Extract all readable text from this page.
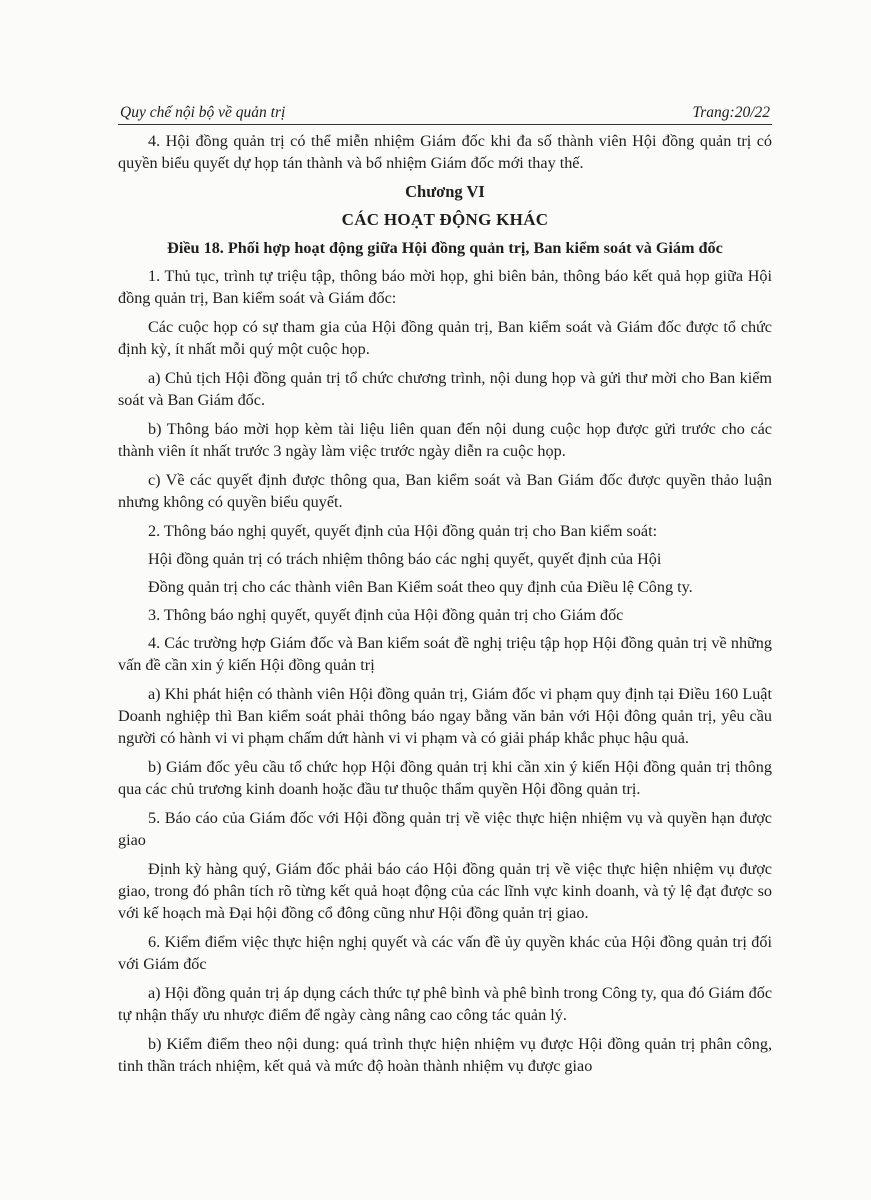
Quy chế nội bộ về quản trị	Trang:20/22

4. Hội đồng quản trị có thể miễn nhiệm Giám đốc khi đa số thành viên Hội đồng quản trị có quyền biểu quyết dự họp tán thành và bổ nhiệm Giám đốc mới thay thế.

Chương VI
CÁC HOẠT ĐỘNG KHÁC
Điều 18. Phối hợp hoạt động giữa Hội đồng quản trị, Ban kiểm soát và Giám đốc

1. Thủ tục, trình tự triệu tập, thông báo mời họp, ghi biên bản, thông báo kết quả họp giữa Hội đồng quản trị, Ban kiểm soát và Giám đốc:

Các cuộc họp có sự tham gia của Hội đồng quản trị, Ban kiểm soát và Giám đốc được tổ chức định kỳ, ít nhất mỗi quý một cuộc họp.

a) Chủ tịch Hội đồng quản trị tổ chức chương trình, nội dung họp và gửi thư mời cho Ban kiểm soát và Ban Giám đốc.

b) Thông báo mời họp kèm tài liệu liên quan đến nội dung cuộc họp được gửi trước cho các thành viên ít nhất trước 3 ngày làm việc trước ngày diễn ra cuộc họp.

c) Về các quyết định được thông qua, Ban kiểm soát và Ban Giám đốc được quyền thảo luận nhưng không có quyền biểu quyết.

2. Thông báo nghị quyết, quyết định của Hội đồng quản trị cho Ban kiểm soát:

Hội đồng quản trị có trách nhiệm thông báo các nghị quyết, quyết định của Hội

Đồng quản trị cho các thành viên Ban Kiểm soát theo quy định của Điều lệ Công ty.

3. Thông báo nghị quyết, quyết định của Hội đồng quản trị cho Giám đốc

4. Các trường hợp Giám đốc và Ban kiểm soát đề nghị triệu tập họp Hội đồng quản trị về những vấn đề cần xin ý kiến Hội đồng quản trị

a) Khi phát hiện có thành viên Hội đồng quản trị, Giám đốc vi phạm quy định tại Điều 160 Luật Doanh nghiệp thì Ban kiểm soát phải thông báo ngay bằng văn bản với Hội đông quản trị, yêu cầu người có hành vi vi phạm chấm dứt hành vi vi phạm và có giải pháp khắc phục hậu quả.

b) Giám đốc yêu cầu tổ chức họp Hội đồng quản trị khi cần xin ý kiến Hội đồng quản trị thông qua các chủ trương kinh doanh hoặc đầu tư thuộc thẩm quyền Hội đồng quản trị.

5. Báo cáo của Giám đốc với Hội đồng quản trị về việc thực hiện nhiệm vụ và quyền hạn được giao

Định kỳ hàng quý, Giám đốc phải báo cáo Hội đồng quản trị về việc thực hiện nhiệm vụ được giao, trong đó phân tích rõ từng kết quả hoạt động của các lĩnh vực kinh doanh, và tỷ lệ đạt được so với kế hoạch mà Đại hội đồng cổ đông cũng như Hội đồng quản trị giao.

6. Kiểm điểm việc thực hiện nghị quyết và các vấn đề ủy quyền khác của Hội đồng quản trị đối với Giám đốc

a) Hội đồng quản trị áp dụng cách thức tự phê bình và phê bình trong Công ty, qua đó Giám đốc tự nhận thấy ưu nhược điểm để ngày càng nâng cao công tác quản lý.

b) Kiểm điểm theo nội dung: quá trình thực hiện nhiệm vụ được Hội đồng quản trị phân công, tinh thần trách nhiệm, kết quả và mức độ hoàn thành nhiệm vụ được giao
